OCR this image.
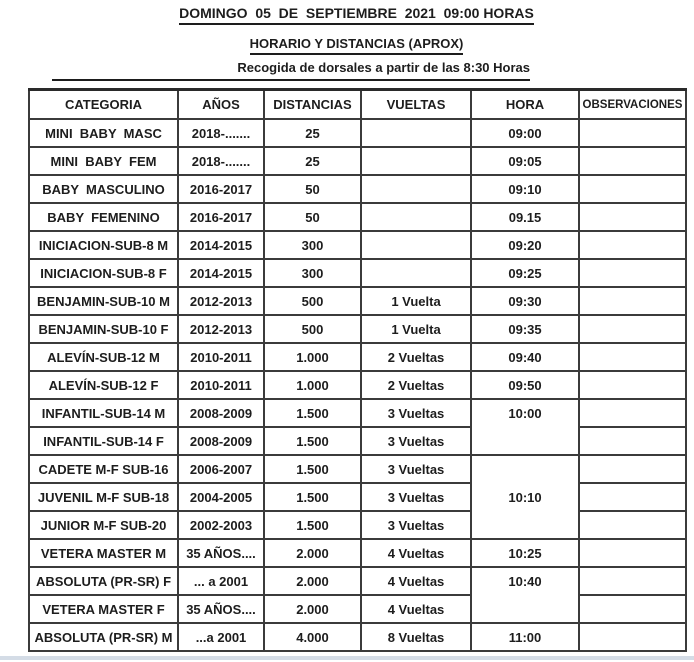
DOMINGO  05  DE  SEPTIEMBRE  2021  09:00 HORAS
HORARIO Y DISTANCIAS (APROX)
Recogida de dorsales a partir de las 8:30 Horas
CATEGORIA	AÑOS	DISTANCIAS	VUELTAS	HORA	OBSERVACIONES
MINI  BABY  MASC	2018-.......	25		09:00	
MINI  BABY  FEM	2018-.......	25		09:05	
BABY  MASCULINO	2016-2017	50		09:10	
BABY  FEMENINO	2016-2017	50		09.15	
INICIACION-SUB-8 M	2014-2015	300		09:20	
INICIACION-SUB-8 F	2014-2015	300		09:25	
BENJAMIN-SUB-10 M	2012-2013	500	1 Vuelta	09:30	
BENJAMIN-SUB-10 F	2012-2013	500	1 Vuelta	09:35	
ALEVÍN-SUB-12 M	2010-2011	1.000	2 Vueltas	09:40	
ALEVÍN-SUB-12 F	2010-2011	1.000	2 Vueltas	09:50	
INFANTIL-SUB-14 M	2008-2009	1.500	3 Vueltas	10:00	
INFANTIL-SUB-14 F	2008-2009	1.500	3 Vueltas		
CADETE M-F SUB-16	2006-2007	1.500	3 Vueltas	10:10	
JUVENIL M-F SUB-18	2004-2005	1.500	3 Vueltas		
JUNIOR M-F SUB-20	2002-2003	1.500	3 Vueltas		
VETERA MASTER M	35 AÑOS....	2.000	4 Vueltas	10:25	
ABSOLUTA (PR-SR) F	... a 2001	2.000	4 Vueltas	10:40	
VETERA MASTER F	35 AÑOS....	2.000	4 Vueltas		
ABSOLUTA (PR-SR) M	...a 2001	4.000	8 Vueltas	11:00	
